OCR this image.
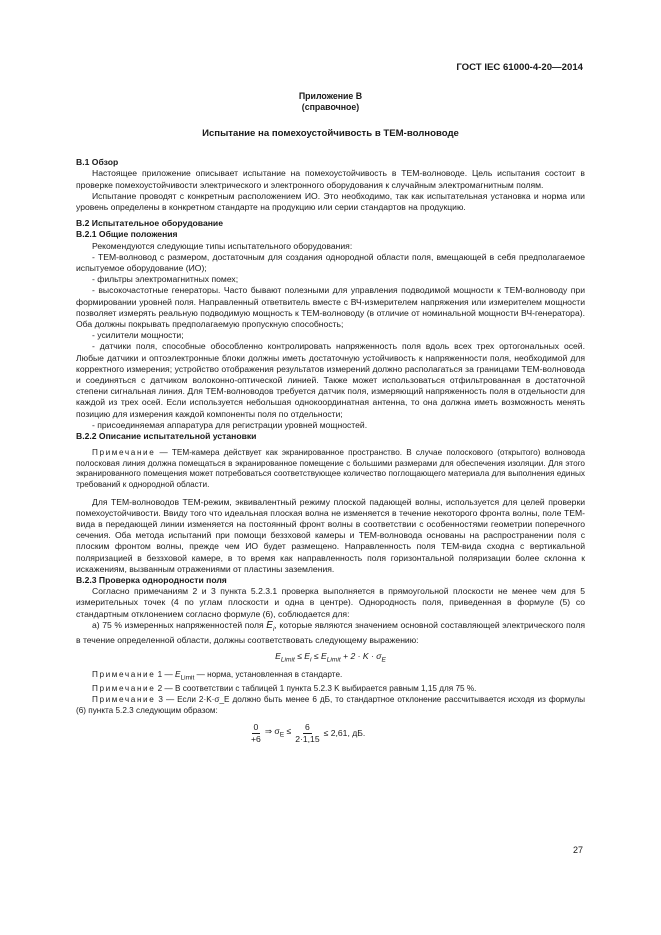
ГОСТ IEC 61000-4-20—2014
Приложение В
(справочное)
Испытание на помехоустойчивость в ТЕМ-волноводе
В.1 Обзор

Настоящее приложение описывает испытание на помехоустойчивость в ТЕМ-волноводе. Цель испытания состоит в проверке помехоустойчивости электрического и электронного оборудования к случайным электромагнитным полям.

Испытание проводят с конкретным расположением ИО. Это необходимо, так как испытательная установка и норма или уровень определены в конкретном стандарте на продукцию или серии стандартов на продукцию.

В.2 Испытательное оборудование
В.2.1 Общие положения

Рекомендуются следующие типы испытательного оборудования:

- ТЕМ-волновод с размером, достаточным для создания однородной области поля, вмещающей в себя предполагаемое испытуемое оборудование (ИО);

- фильтры электромагнитных помех;

- высокочастотные генераторы. Часто бывают полезными для управления подводимой мощности к ТЕМ-волноводу при формировании уровней поля. Направленный ответвитель вместе с ВЧ-измерителем напряжения или измерителем мощности позволяет измерять реальную подводимую мощность к ТЕМ-волноводу (в отличие от номинальной мощности ВЧ-генератора). Оба должны покрывать предполагаемую пропускную способность;

- усилители мощности;

- датчики поля, способные обособленно контролировать напряженность поля вдоль всех трех ортогональных осей. Любые датчики и оптоэлектронные блоки должны иметь достаточную устойчивость к напряженности поля, необходимой для корректного измерения; устройство отображения результатов измерений должно располагаться за границами ТЕМ-волновода и соединяться с датчиком волоконно-оптической линией. Также может использоваться отфильтрованная в достаточной степени сигнальная линия. Для ТЕМ-волноводов требуется датчик поля, измеряющий напряженность поля в отдельности для каждой из трех осей. Если используется небольшая однокоординатная антенна, то она должна иметь возможность менять позицию для измерения каждой компоненты поля по отдельности;

- присоединяемая аппаратура для регистрации уровней мощностей.

В.2.2 Описание испытательной установки

Примечание — ТЕМ-камера действует как экранированное пространство. В случае полоскового (открытого) волновода полосковая линия должна помещаться в экранированное помещение с большими размерами для обеспечения изоляции. Для этого экранированного помещения может потребоваться соответствующее количество поглощающего материала для выполнения единых требований к однородной области.

Для ТЕМ-волноводов ТЕМ-режим, эквивалентный режиму плоской падающей волны, используется для целей проверки помехоустойчивости. Ввиду того что идеальная плоская волна не изменяется в течение некоторого фронта волны, поле ТЕМ-вида в передающей линии изменяется на постоянный фронт волны в соответствии с особенностями геометрии поперечного сечения. Оба метода испытаний при помощи беззховой камеры и ТЕМ-волновода основаны на распространении поля с плоским фронтом волны, прежде чем ИО будет размещено. Направленность поля ТЕМ-вида сходна с вертикальной поляризацией в беззховой камере, в то время как направленность поля горизонтальной поляризации более склонна к искажениям, вызванным отражениями от пластины заземления.

В.2.3 Проверка однородности поля

Согласно примечаниям 2 и 3 пункта 5.2.3.1 проверка выполняется в прямоугольной плоскости не менее чем для 5 измерительных точек (4 по углам плоскости и одна в центре). Однородность поля, приведенная в формуле (5) со стандартным отклонением согласно формуле (6), соблюдается для:

а) 75 % измеренных напряженностей поля $E_i$, которые являются значением основной составляющей электрического поля в течение определенной области, должны соответствовать следующему выражению:

$E_{Limit} \le E_i \le E_{Limit} + 2 \cdot K \cdot \sigma_E$

Примечание 1 — $E_{Limit}$ — норма, установленная в стандарте.

Примечание 2 — В соответствии с таблицей 1 пункта 5.2.3 K выбирается равным 1,15 для 75 %.

Примечание 3 — Если 2·K·σ_E должно быть менее 6 дБ, то стандартное отклонение рассчитывается исходя из формулы (6) пункта 5.2.3 следующим образом:

$\frac{0}{+6}$ ⇒ $\sigma_E \le \frac{6}{2\cdot 1,15} \le 2,61$, дБ.
27
